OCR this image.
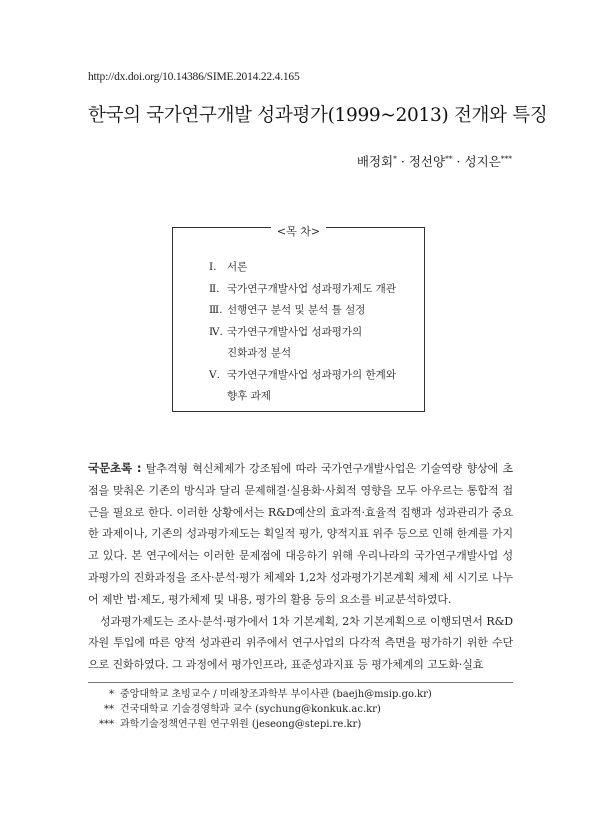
http://dx.doi.org/10.14386/SIME.2014.22.4.165
한국의 국가연구개발 성과평가(1999~2013) 전개와 특징
배정회* · 정선양** · 성지은***
<목 차>
Ⅰ. 서론
Ⅱ. 국가연구개발사업 성과평가제도 개관
Ⅲ. 선행연구 분석 및 분석 틀 설정
Ⅳ. 국가연구개발사업 성과평가의
진화과정 분석
Ⅴ. 국가연구개발사업 성과평가의 한계와
향후 과제

국문초록 : 탈추격형 혁신체제가 강조됨에 따라 국가연구개발사업은 기술역량 향상에 초점을 맞춰온 기존의 방식과 달리 문제해결·실용화·사회적 영향을 모두 아우르는 통합적 접근을 필요로 한다. 이러한 상황에서는 R&D예산의 효과적·효율적 집행과 성과관리가 중요한 과제이나, 기존의 성과평가제도는 획일적 평가, 양적지표 위주 등으로 인해 한계를 가지고 있다. 본 연구에서는 이러한 문제점에 대응하기 위해 우리나라의 국가연구개발사업 성과평가의 진화과정을 조사·분석·평가 체제와 1,2차 성과평가기본계획 체제 세 시기로 나누어 제반 법·제도, 평가체제 및 내용, 평가의 활용 등의 요소를 비교분석하였다.

성과평가제도는 조사·분석·평가에서 1차 기본계획, 2차 기본계획으로 이행되면서 R&D자원 투입에 따른 양적 성과관리 위주에서 연구사업의 다각적 측면을 평가하기 위한 수단으로 진화하였다. 그 과정에서 평가인프라, 표준성과지표 등 평가체계의 고도화·실효

* 중앙대학교 초빙교수 / 미래창조과학부 부이사관 (baejh@msip.go.kr)
** 건국대학교 기술경영학과 교수 (sychung@konkuk.ac.kr)
*** 과학기술정책연구원 연구위원 (jeseong@stepi.re.kr)
